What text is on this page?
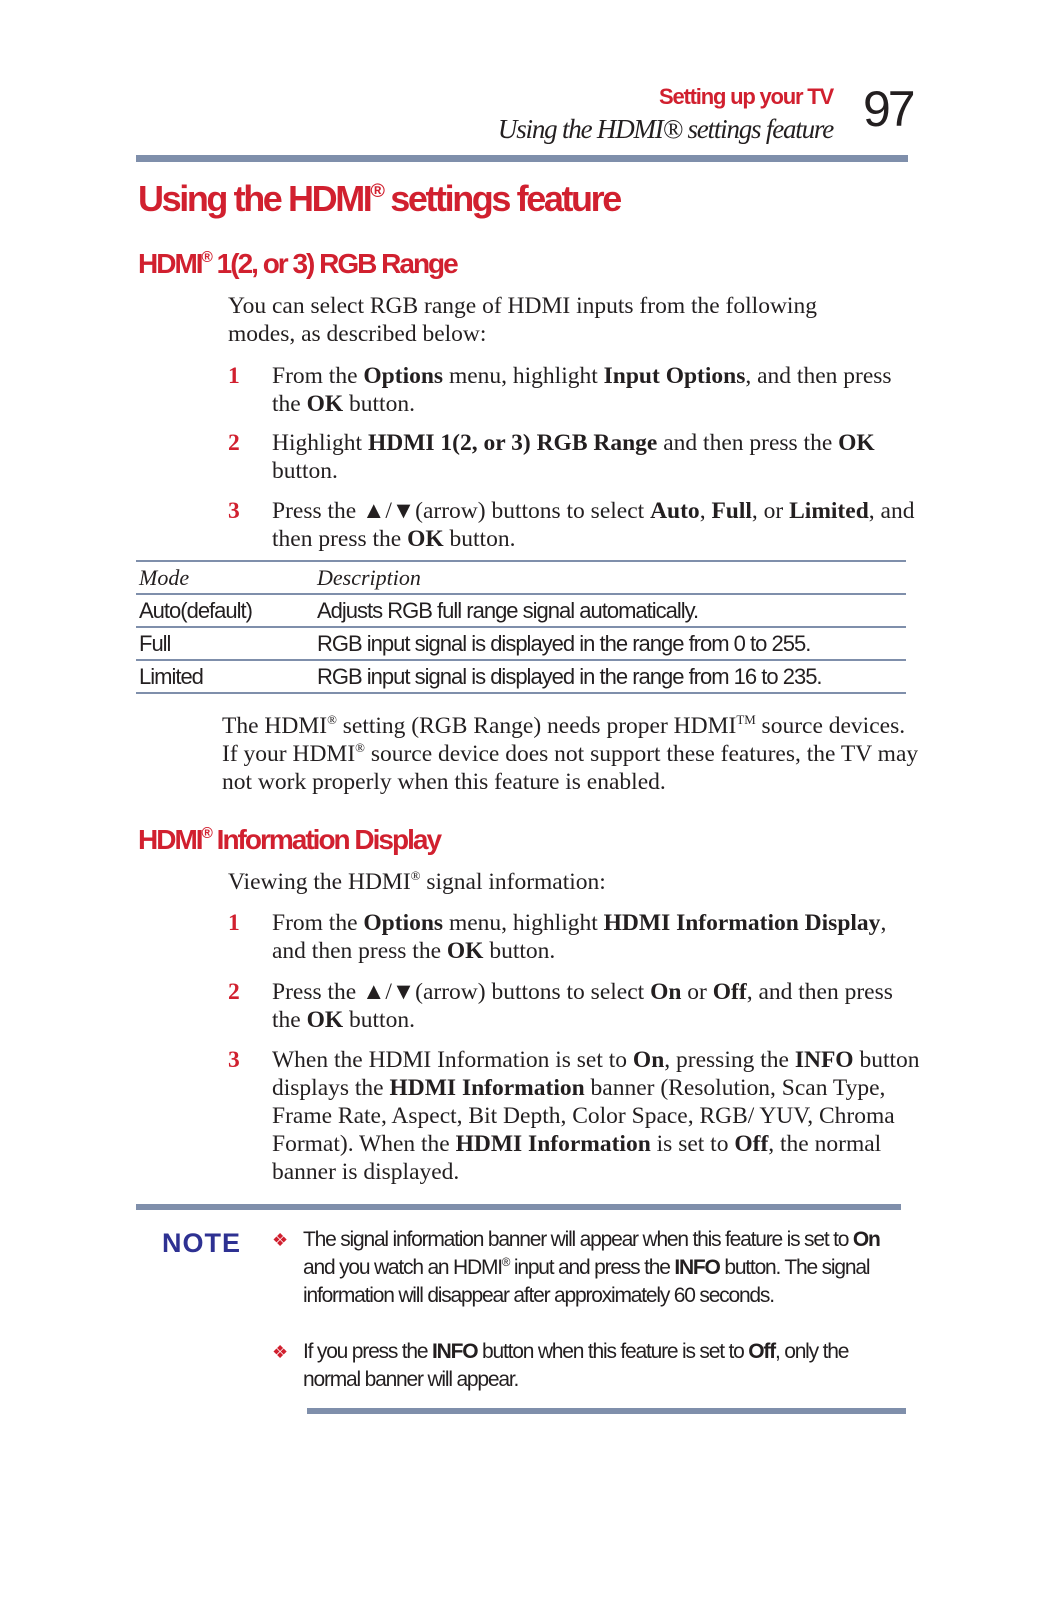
Setting up your TV
Using the HDMI® settings feature 97
Using the HDMI® settings feature
HDMI® 1(2, or 3) RGB Range
You can select RGB range of HDMI inputs from the following modes, as described below:
1 From the Options menu, highlight Input Options, and then press the OK button.
2 Highlight HDMI 1(2, or 3) RGB Range and then press the OK button.
3 Press the ▲/▼(arrow) buttons to select Auto, Full, or Limited, and then press the OK button.
Mode	Description
Auto(default)	Adjusts RGB full range signal automatically.
Full	RGB input signal is displayed in the range from 0 to 255.
Limited	RGB input signal is displayed in the range from 16 to 235.
The HDMI® setting (RGB Range) needs proper HDMI™ source devices. If your HDMI® source device does not support these features, the TV may not work properly when this feature is enabled.
HDMI® Information Display
Viewing the HDMI® signal information:
1 From the Options menu, highlight HDMI Information Display, and then press the OK button.
2 Press the ▲/▼(arrow) buttons to select On or Off, and then press the OK button.
3 When the HDMI Information is set to On, pressing the INFO button displays the HDMI Information banner (Resolution, Scan Type, Frame Rate, Aspect, Bit Depth, Color Space, RGB/ YUV, Chroma Format). When the HDMI Information is set to Off, the normal banner is displayed.
NOTE ❖ The signal information banner will appear when this feature is set to On and you watch an HDMI® input and press the INFO button. The signal information will disappear after approximately 60 seconds.
❖ If you press the INFO button when this feature is set to Off, only the normal banner will appear.
